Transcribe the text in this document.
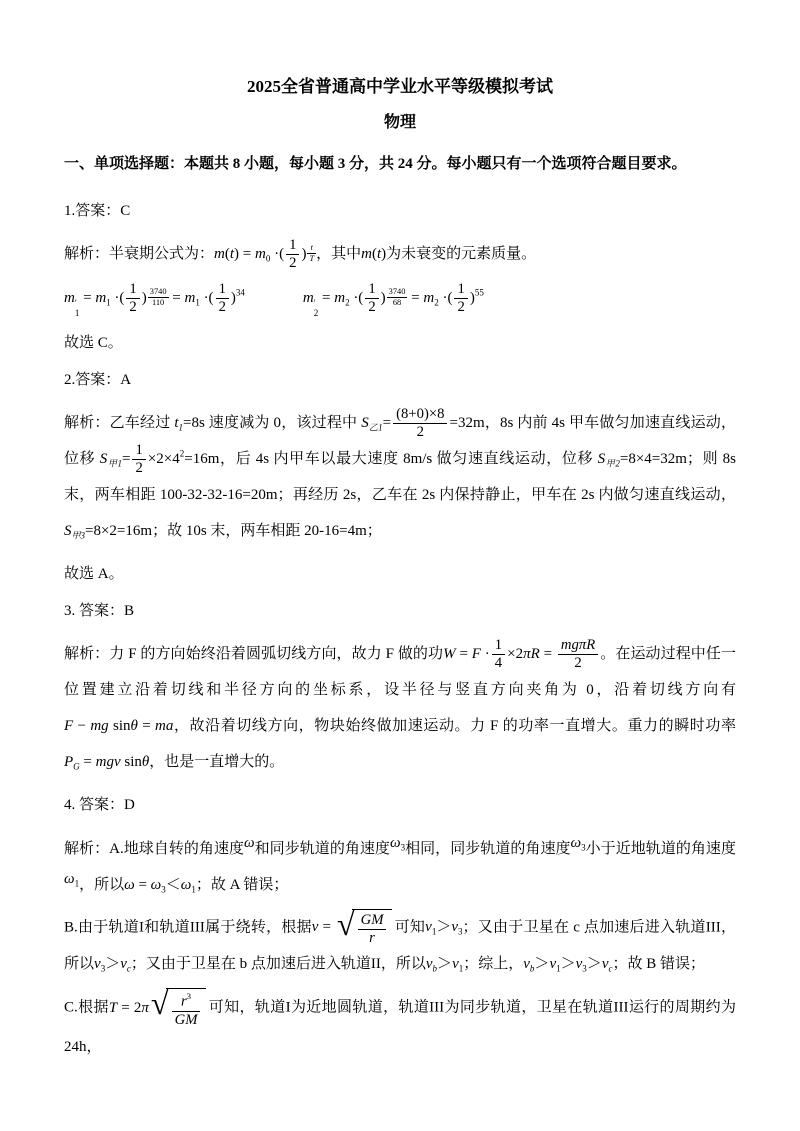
2025全省普通高中学业水平等级模拟考试
物理

一、单项选择题：本题共 8 小题，每小题 3 分，共 24 分。每小题只有一个选项符合题目要求。

1.答案：C

解析：半衰期公式为：$m(t) = m_0$ ·( $\frac{1}{2}$ ) $\frac{t}{T}$ ，其中m(t)为未衰变的元素质量。

m ′
1
= $m_1$ ·( $\frac{1}{2}$ ) $\frac{3740}{110} = m_1$ ·( $\frac{1}{2} )^{34}$	m ′
2
= $m_2$ ·( $\frac{1}{2}$ ) $\frac{3740}{68} = m_2$ ·( $\frac{1}{2} )^{55}$

故选 C。

2.答案：A

解析：乙车经过 $t_1=8s$ 速度减为 0，该过程中 $S_{乙1}= \frac{(8+0)\times 8}{2} =32m$，8s 内前 4s 甲车做匀加速直线运动，位移 $S_{甲1}= \frac{1}{2} \times 2\times 4^2=16m$，后 4s 内甲车以最大速度 8m/s 做匀速直线运动，位移 $S_{甲2}=8\times 4=32m$；则 8s 末，两车相距 100-32-32-16=20m；再经历 2s，乙车在 2s 内保持静止，甲车在 2s 内做匀速直线运动，$S_{甲3}=8\times 2=16m$；故 10s 末，两车相距 20-16=4m；

故选 A。

3. 答案：B

解析：力 F 的方向始终沿着圆弧切线方向，故力 F 做的功$W = F \cdot \frac{1}{4} \times 2\pi R = \frac{\text{mgπR}}{2}$ 。在运动过程中任一位置建立沿着切线和半径方向的坐标系，设半径与竖直方向夹角为 0，沿着切线方向有F − mg sinθ = ma，故沿着切线方向，物块始终做加速运动。力 F 的功率一直增大。重力的瞬时功率$P_G$ = mgv sinθ，也是一直增大的。

4. 答案：D

解析：A.地球自转的角速度ω和同步轨道的角速度$\omega_3$相同，同步轨道的角速度$\omega_3$小于近地轨道的角速度$\omega_1$，所以$\omega = \omega_3<\omega_1$；故 A 错误；

B.由于轨道I和轨道III属于绕转，根据v = √ $\frac{GM}{r}$ 可知$v_1>v_3$；又由于卫星在 c 点加速后进入轨道III，所以$v_3>v_c$；又由于卫星在 b 点加速后进入轨道II，所以$v_b>v_1$；综上，$v_b>v_1>v_3>v_c$；故 B 错误；

C.根据T = 2π √ $\frac{r^3}{GM}$ 可知，轨道I为近地圆轨道，轨道III为同步轨道，卫星在轨道III运行的周期约为 24h，
